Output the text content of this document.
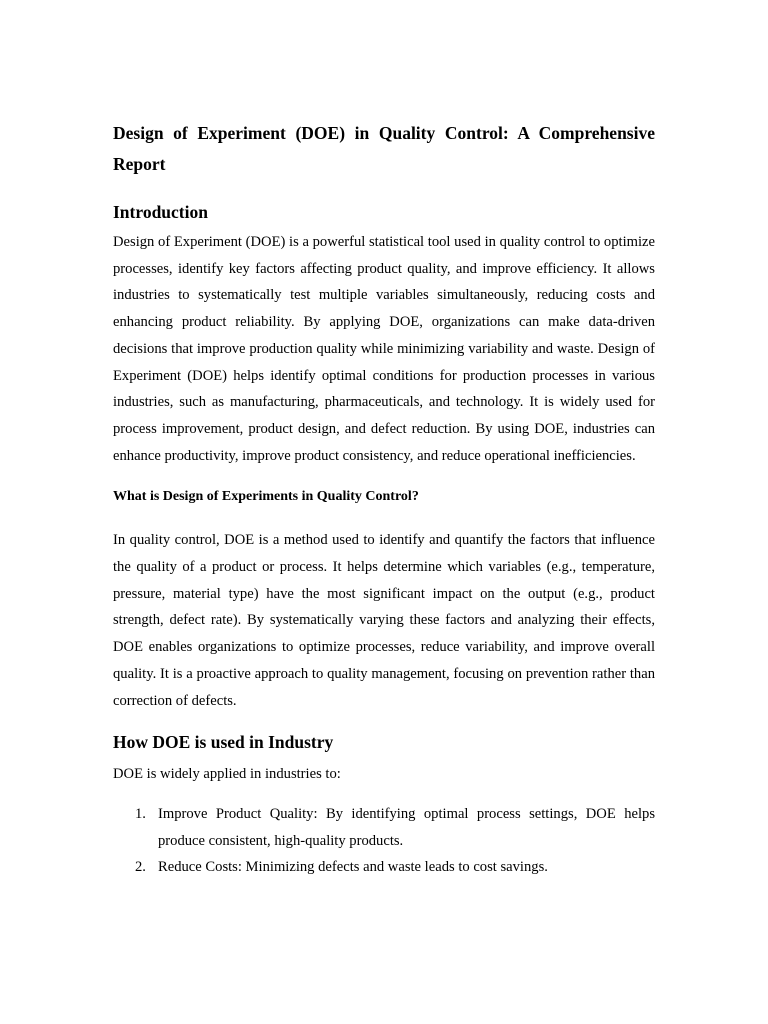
Design of Experiment (DOE) in Quality Control: A Comprehensive Report
Introduction

Design of Experiment (DOE) is a powerful statistical tool used in quality control to optimize processes, identify key factors affecting product quality, and improve efficiency. It allows industries to systematically test multiple variables simultaneously, reducing costs and enhancing product reliability. By applying DOE, organizations can make data-driven decisions that improve production quality while minimizing variability and waste. Design of Experiment (DOE) helps identify optimal conditions for production processes in various industries, such as manufacturing, pharmaceuticals, and technology. It is widely used for process improvement, product design, and defect reduction. By using DOE, industries can enhance productivity, improve product consistency, and reduce operational inefficiencies.

What is Design of Experiments in Quality Control?

In quality control, DOE is a method used to identify and quantify the factors that influence the quality of a product or process. It helps determine which variables (e.g., temperature, pressure, material type) have the most significant impact on the output (e.g., product strength, defect rate). By systematically varying these factors and analyzing their effects, DOE enables organizations to optimize processes, reduce variability, and improve overall quality. It is a proactive approach to quality management, focusing on prevention rather than correction of defects.

How DOE is used in Industry

DOE is widely applied in industries to:

1. Improve Product Quality: By identifying optimal process settings, DOE helps produce consistent, high-quality products.
2. Reduce Costs: Minimizing defects and waste leads to cost savings.
